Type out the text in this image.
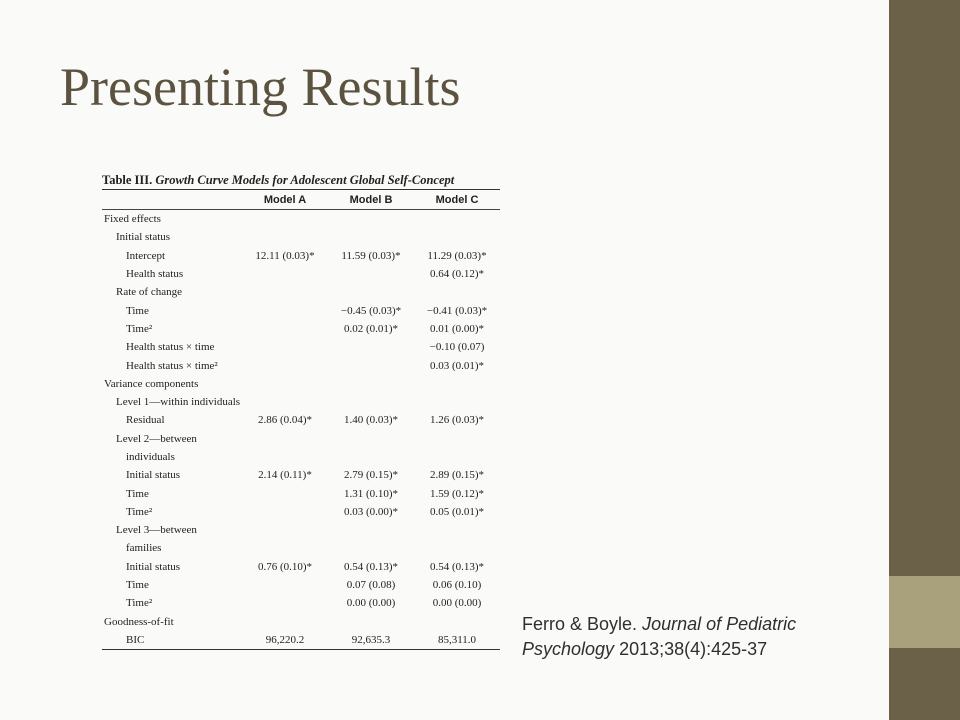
Presenting Results
Table III. Growth Curve Models for Adolescent Global Self-Concept
	Model A	Model B	Model C
Fixed effects			
Initial status			
Intercept	12.11 (0.03)*	11.59 (0.03)*	11.29 (0.03)*
Health status			0.64 (0.12)*
Rate of change			
Time		−0.45 (0.03)*	−0.41 (0.03)*
Time²		0.02 (0.01)*	0.01 (0.00)*
Health status × time			−0.10 (0.07)
Health status × time²			0.03 (0.01)*
Variance components			
Level 1—within individuals			
Residual	2.86 (0.04)*	1.40 (0.03)*	1.26 (0.03)*
Level 2—between			
individuals			
Initial status	2.14 (0.11)*	2.79 (0.15)*	2.89 (0.15)*
Time		1.31 (0.10)*	1.59 (0.12)*
Time²		0.03 (0.00)*	0.05 (0.01)*
Level 3—between			
families			
Initial status	0.76 (0.10)*	0.54 (0.13)*	0.54 (0.13)*
Time		0.07 (0.08)	0.06 (0.10)
Time²		0.00 (0.00)	0.00 (0.00)
Goodness-of-fit			
BIC	96,220.2	92,635.3	85,311.0
Ferro & Boyle. Journal of Pediatric Psychology 2013;38(4):425-37
